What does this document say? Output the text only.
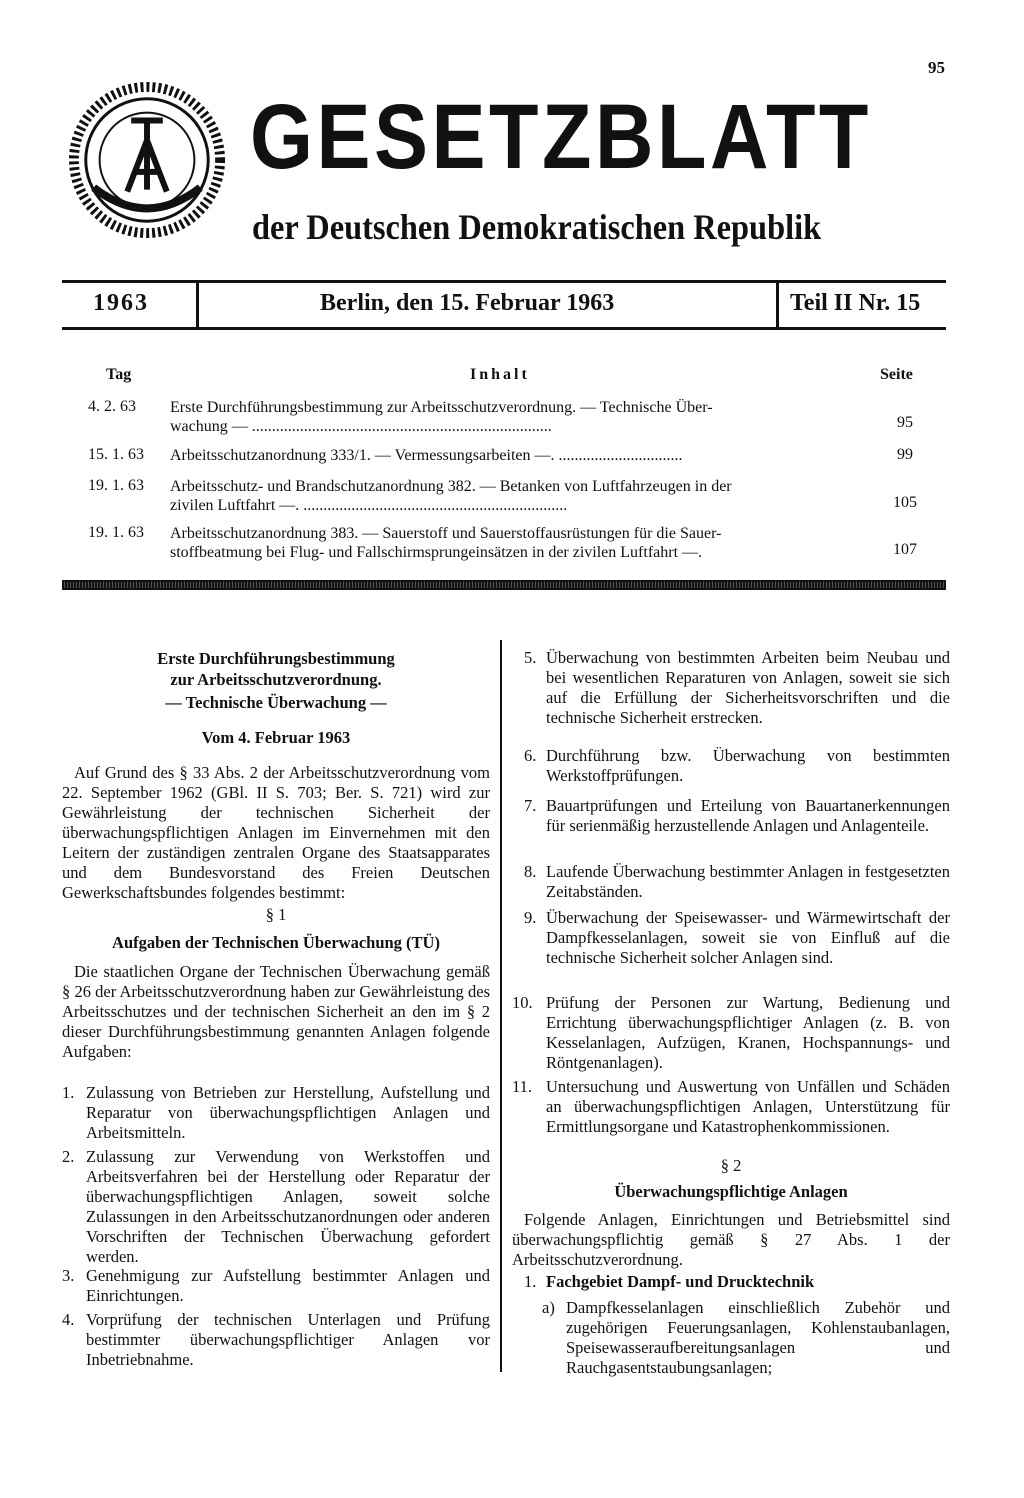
95
GESETZBLATT
der Deutschen Demokratischen Republik
1963	Berlin, den 15. Februar 1963	Teil II Nr. 15
Tag	Inhalt	Seite
4. 2. 63 Erste Durchführungsbestimmung zur Arbeitsschutzverordnung. — Technische Über-
wachung — ...........................................................................	95
15. 1. 63 Arbeitsschutzanordnung 333/1. — Vermessungsarbeiten —. ...............................	99
19. 1. 63 Arbeitsschutz- und Brandschutzanordnung 382. — Betanken von Luftfahrzeugen in der
zivilen Luftfahrt —. ..................................................................	105
19. 1. 63 Arbeitsschutzanordnung 383. — Sauerstoff und Sauerstoffausrüstungen für die Sauer-
stoffbeatmung bei Flug- und Fallschirmsprungeinsätzen in der zivilen Luftfahrt —.	107
Erste Durchführungsbestimmung
zur Arbeitsschutzverordnung.
— Technische Überwachung —
Vom 4. Februar 1963
Auf Grund des § 33 Abs. 2 der Arbeitsschutzverordnung vom 22. September 1962 (GBl. II S. 703; Ber. S. 721) wird zur Gewährleistung der technischen Sicherheit der überwachungspflichtigen Anlagen im Einvernehmen mit den Leitern der zuständigen zentralen Organe des Staatsapparates und dem Bundesvorstand des Freien Deutschen Gewerkschaftsbundes folgendes bestimmt:
§ 1
Aufgaben der Technischen Überwachung (TÜ)
Die staatlichen Organe der Technischen Überwachung gemäß § 26 der Arbeitsschutzverordnung haben zur Gewährleistung des Arbeitsschutzes und der technischen Sicherheit an den im § 2 dieser Durchführungsbestimmung genannten Anlagen folgende Aufgaben:
1. Zulassung von Betrieben zur Herstellung, Aufstellung und Reparatur von überwachungspflichtigen Anlagen und Arbeitsmitteln.
2. Zulassung zur Verwendung von Werkstoffen und Arbeitsverfahren bei der Herstellung oder Reparatur der überwachungspflichtigen Anlagen, soweit solche Zulassungen in den Arbeitsschutzanordnungen oder anderen Vorschriften der Technischen Überwachung gefordert werden.
3. Genehmigung zur Aufstellung bestimmter Anlagen und Einrichtungen.
4. Vorprüfung der technischen Unterlagen und Prüfung bestimmter überwachungspflichtiger Anlagen vor Inbetriebnahme.
5. Überwachung von bestimmten Arbeiten beim Neubau und bei wesentlichen Reparaturen von Anlagen, soweit sie sich auf die Erfüllung der Sicherheitsvorschriften und die technische Sicherheit erstrecken.
6. Durchführung bzw. Überwachung von bestimmten Werkstoffprüfungen.
7. Bauartprüfungen und Erteilung von Bauartanerkennungen für serienmäßig herzustellende Anlagen und Anlagenteile.
8. Laufende Überwachung bestimmter Anlagen in festgesetzten Zeitabständen.
9. Überwachung der Speisewasser- und Wärmewirtschaft der Dampfkesselanlagen, soweit sie von Einfluß auf die technische Sicherheit solcher Anlagen sind.
10. Prüfung der Personen zur Wartung, Bedienung und Errichtung überwachungspflichtiger Anlagen (z. B. von Kesselanlagen, Aufzügen, Kranen, Hochspannungs- und Röntgenanlagen).
11. Untersuchung und Auswertung von Unfällen und Schäden an überwachungspflichtigen Anlagen, Unterstützung für Ermittlungsorgane und Katastrophenkommissionen.
§ 2
Überwachungspflichtige Anlagen
Folgende Anlagen, Einrichtungen und Betriebsmittel sind überwachungspflichtig gemäß § 27 Abs. 1 der Arbeitsschutzverordnung.
1. Fachgebiet Dampf- und Drucktechnik
a) Dampfkesselanlagen einschließlich Zubehör und zugehörigen Feuerungsanlagen, Kohlenstaubanlagen, Speisewasseraufbereitungsanlagen und Rauchgasentstaubungsanlagen;
